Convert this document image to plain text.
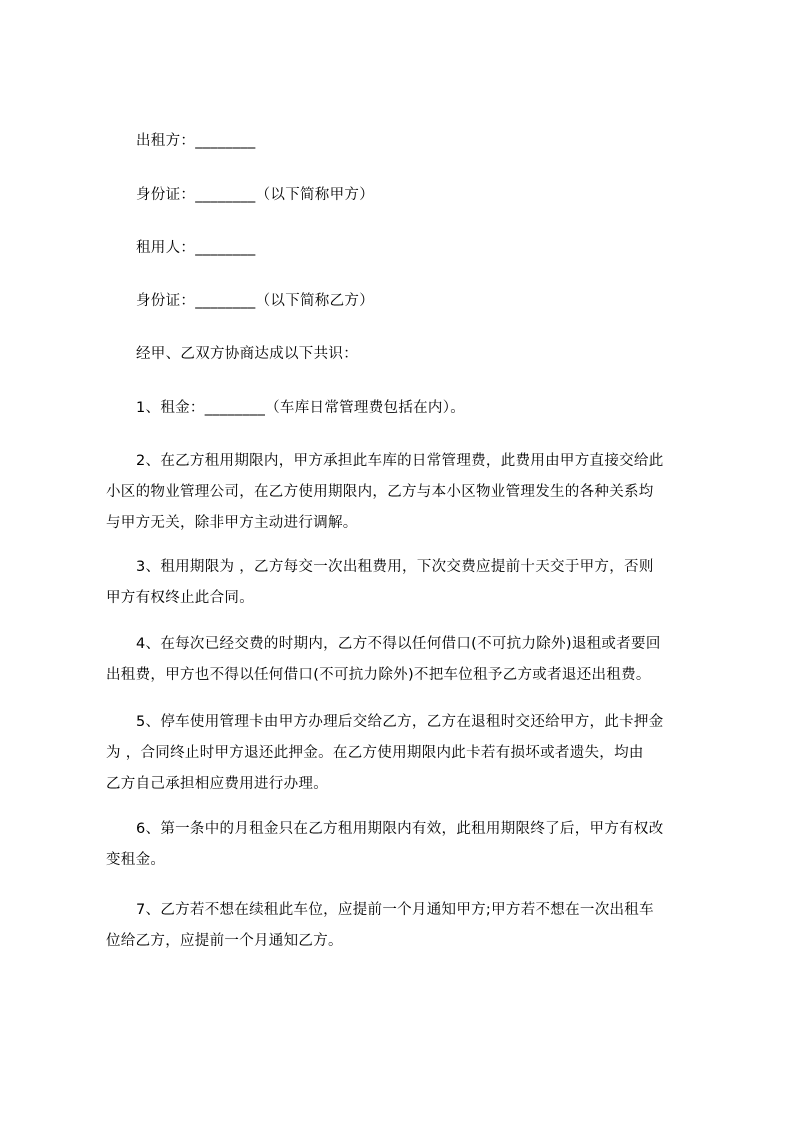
出租方：________
身份证：________（以下简称甲方）
租用人：________
身份证：________（以下简称乙方）
经甲、乙双方协商达成以下共识：
1、租金：________（车库日常管理费包括在内）。
2、在乙方租用期限内，甲方承担此车库的日常管理费，此费用由甲方直接交给此
小区的物业管理公司，在乙方使用期限内，乙方与本小区物业管理发生的各种关系均
与甲方无关，除非甲方主动进行调解。
3、租用期限为 ，乙方每交一次出租费用，下次交费应提前十天交于甲方，否则
甲方有权终止此合同。
4、在每次已经交费的时期内，乙方不得以任何借口(不可抗力除外)退租或者要回
出租费，甲方也不得以任何借口(不可抗力除外)不把车位租予乙方或者退还出租费。
5、停车使用管理卡由甲方办理后交给乙方，乙方在退租时交还给甲方，此卡押金
为 ，合同终止时甲方退还此押金。在乙方使用期限内此卡若有损坏或者遗失，均由
乙方自己承担相应费用进行办理。
6、第一条中的月租金只在乙方租用期限内有效，此租用期限终了后，甲方有权改
变租金。
7、乙方若不想在续租此车位，应提前一个月通知甲方;甲方若不想在一次出租车
位给乙方，应提前一个月通知乙方。
